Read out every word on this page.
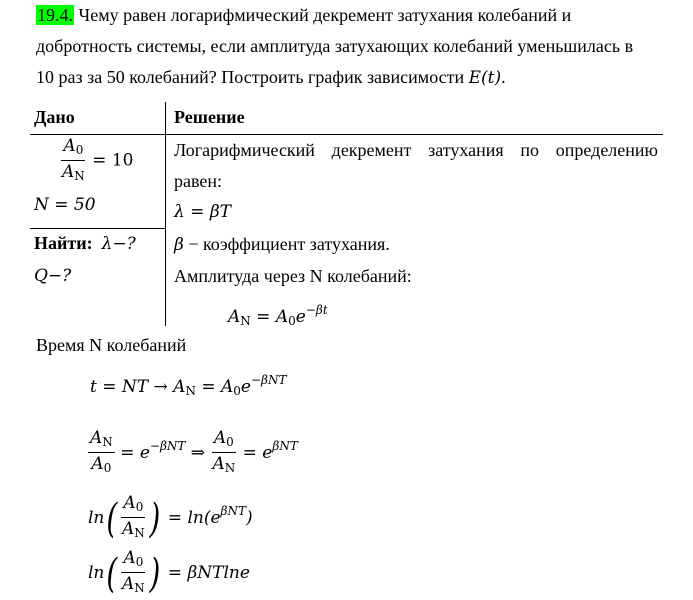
19.4. Чему равен логарифмический декремент затухания колебаний и
добротность системы, если амплитуда затухающих колебаний уменьшилась в
10 раз за 50 колебаний? Построить график зависимости E(t).
Дано	Решение
$\frac{A_0}{A_N} = 10$
N = 50
Найти: λ−?
Q−?
Логарифмический декремент затухания по определению
равен:
λ = βT
β − коэффициент затухания.
Амплитуда через N колебаний:
$A_N = A_0e^{-\beta t}$
Время N колебаний
t = NT → $A_N = A_0e^{-\beta NT}$
$\frac{A_N}{A_0} = e^{-\beta NT}$ ⇒ $\frac{A_0}{A_N} = e^{\beta NT}$
$\ln( \frac{A_0}{A_N}$ ) = $\ln(e^{\beta NT})$
$\ln( \frac{A_0}{A_N}$ ) = βNTlne
